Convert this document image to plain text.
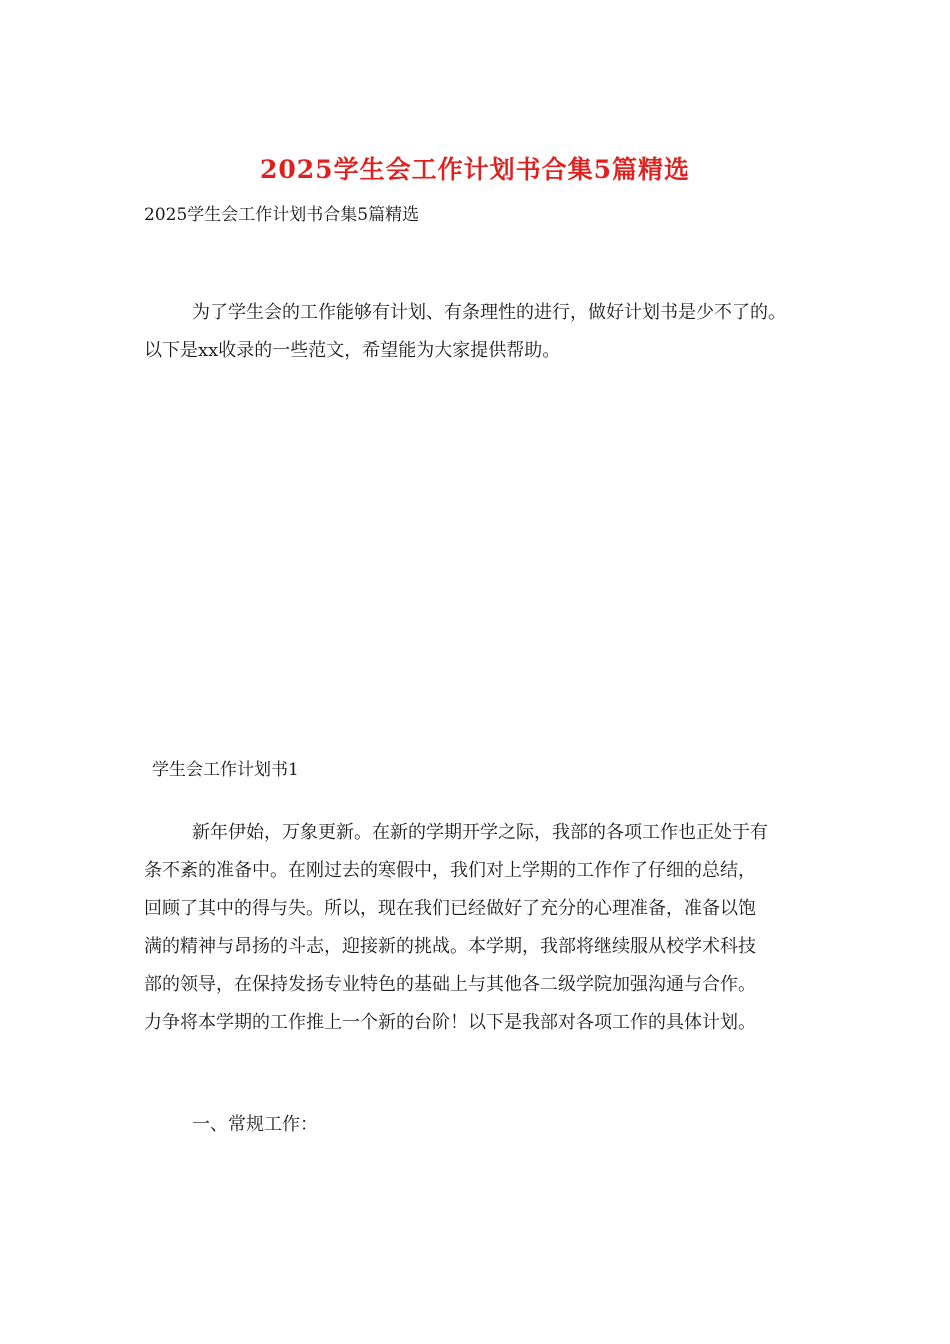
2025学生会工作计划书合集5篇精选

2025学生会工作计划书合集5篇精选

为了学生会的工作能够有计划、有条理性的进行，做好计划书是少不了的。
以下是xx收录的一些范文，希望能为大家提供帮助。

学生会工作计划书1

新年伊始，万象更新。在新的学期开学之际，我部的各项工作也正处于有
条不紊的准备中。在刚过去的寒假中，我们对上学期的工作作了仔细的总结，
回顾了其中的得与失。所以，现在我们已经做好了充分的心理准备，准备以饱
满的精神与昂扬的斗志，迎接新的挑战。本学期，我部将继续服从校学术科技
部的领导，在保持发扬专业特色的基础上与其他各二级学院加强沟通与合作。
力争将本学期的工作推上一个新的台阶！以下是我部对各项工作的具体计划。

一、常规工作：
